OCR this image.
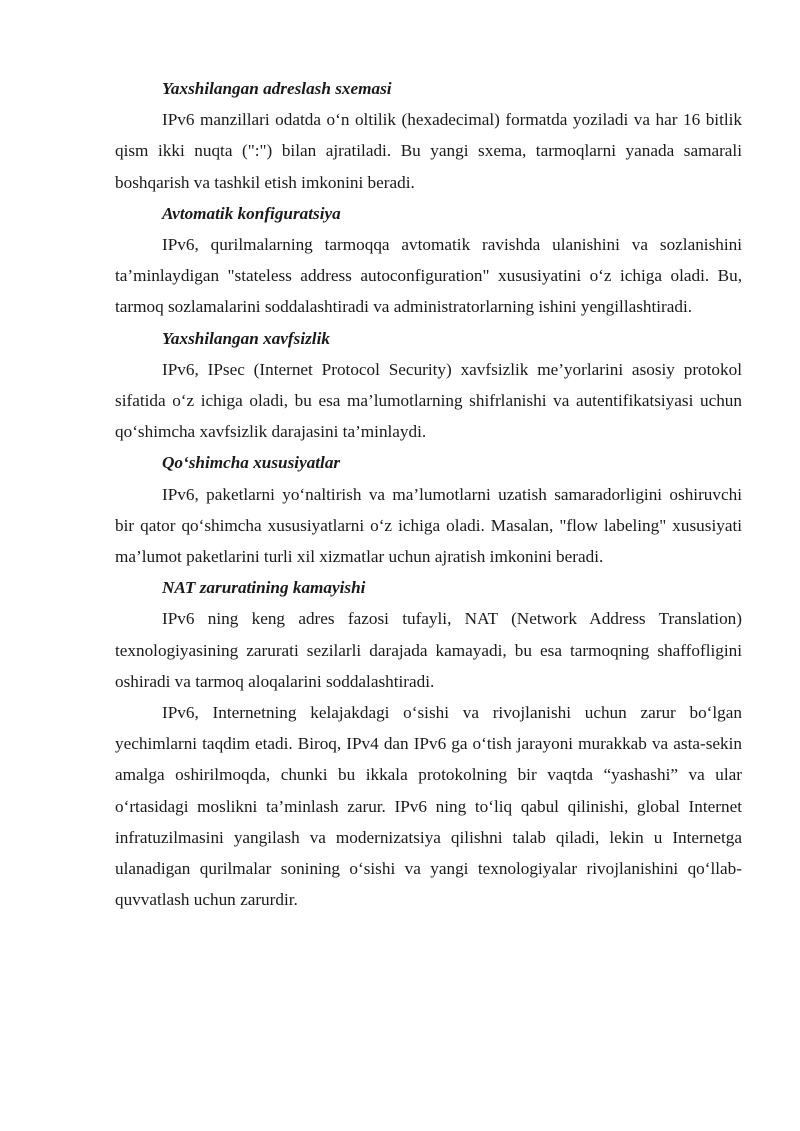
Yaxshilangan adreslash sxemasi

IPv6 manzillari odatda o‘n oltilik (hexadecimal) formatda yoziladi va har 16 bitlik qism ikki nuqta (":") bilan ajratiladi. Bu yangi sxema, tarmoqlarni yanada samarali boshqarish va tashkil etish imkonini beradi.

Avtomatik konfiguratsiya

IPv6, qurilmalarning tarmoqqa avtomatik ravishda ulanishini va sozlanishini ta’minlaydigan "stateless address autoconfiguration" xususiyatini o‘z ichiga oladi. Bu, tarmoq sozlamalarini soddalashtiradi va administratorlarning ishini yengillashtiradi.

Yaxshilangan xavfsizlik

IPv6, IPsec (Internet Protocol Security) xavfsizlik me’yorlarini asosiy protokol sifatida o‘z ichiga oladi, bu esa ma’lumotlarning shifrlanishi va autentifikatsiyasi uchun qo‘shimcha xavfsizlik darajasini ta’minlaydi.

Qo‘shimcha xususiyatlar

IPv6, paketlarni yo‘naltirish va ma’lumotlarni uzatish samaradorligini oshiruvchi bir qator qo‘shimcha xususiyatlarni o‘z ichiga oladi. Masalan, "flow labeling" xususiyati ma’lumot paketlarini turli xil xizmatlar uchun ajratish imkonini beradi.

NAT zaruratining kamayishi

IPv6 ning keng adres fazosi tufayli, NAT (Network Address Translation) texnologiyasining zarurati sezilarli darajada kamayadi, bu esa tarmoqning shaffofligini oshiradi va tarmoq aloqalarini soddalashtiradi.

IPv6, Internetning kelajakdagi o‘sishi va rivojlanishi uchun zarur bo‘lgan yechimlarni taqdim etadi. Biroq, IPv4 dan IPv6 ga o‘tish jarayoni murakkab va asta-sekin amalga oshirilmoqda, chunki bu ikkala protokolning bir vaqtda “yashashi” va ular o‘rtasidagi moslikni ta’minlash zarur. IPv6 ning to‘liq qabul qilinishi, global Internet infratuzilmasini yangilash va modernizatsiya qilishni talab qiladi, lekin u Internetga ulanadigan qurilmalar sonining o‘sishi va yangi texnologiyalar rivojlanishini qo‘llab-quvvatlash uchun zarurdir.
